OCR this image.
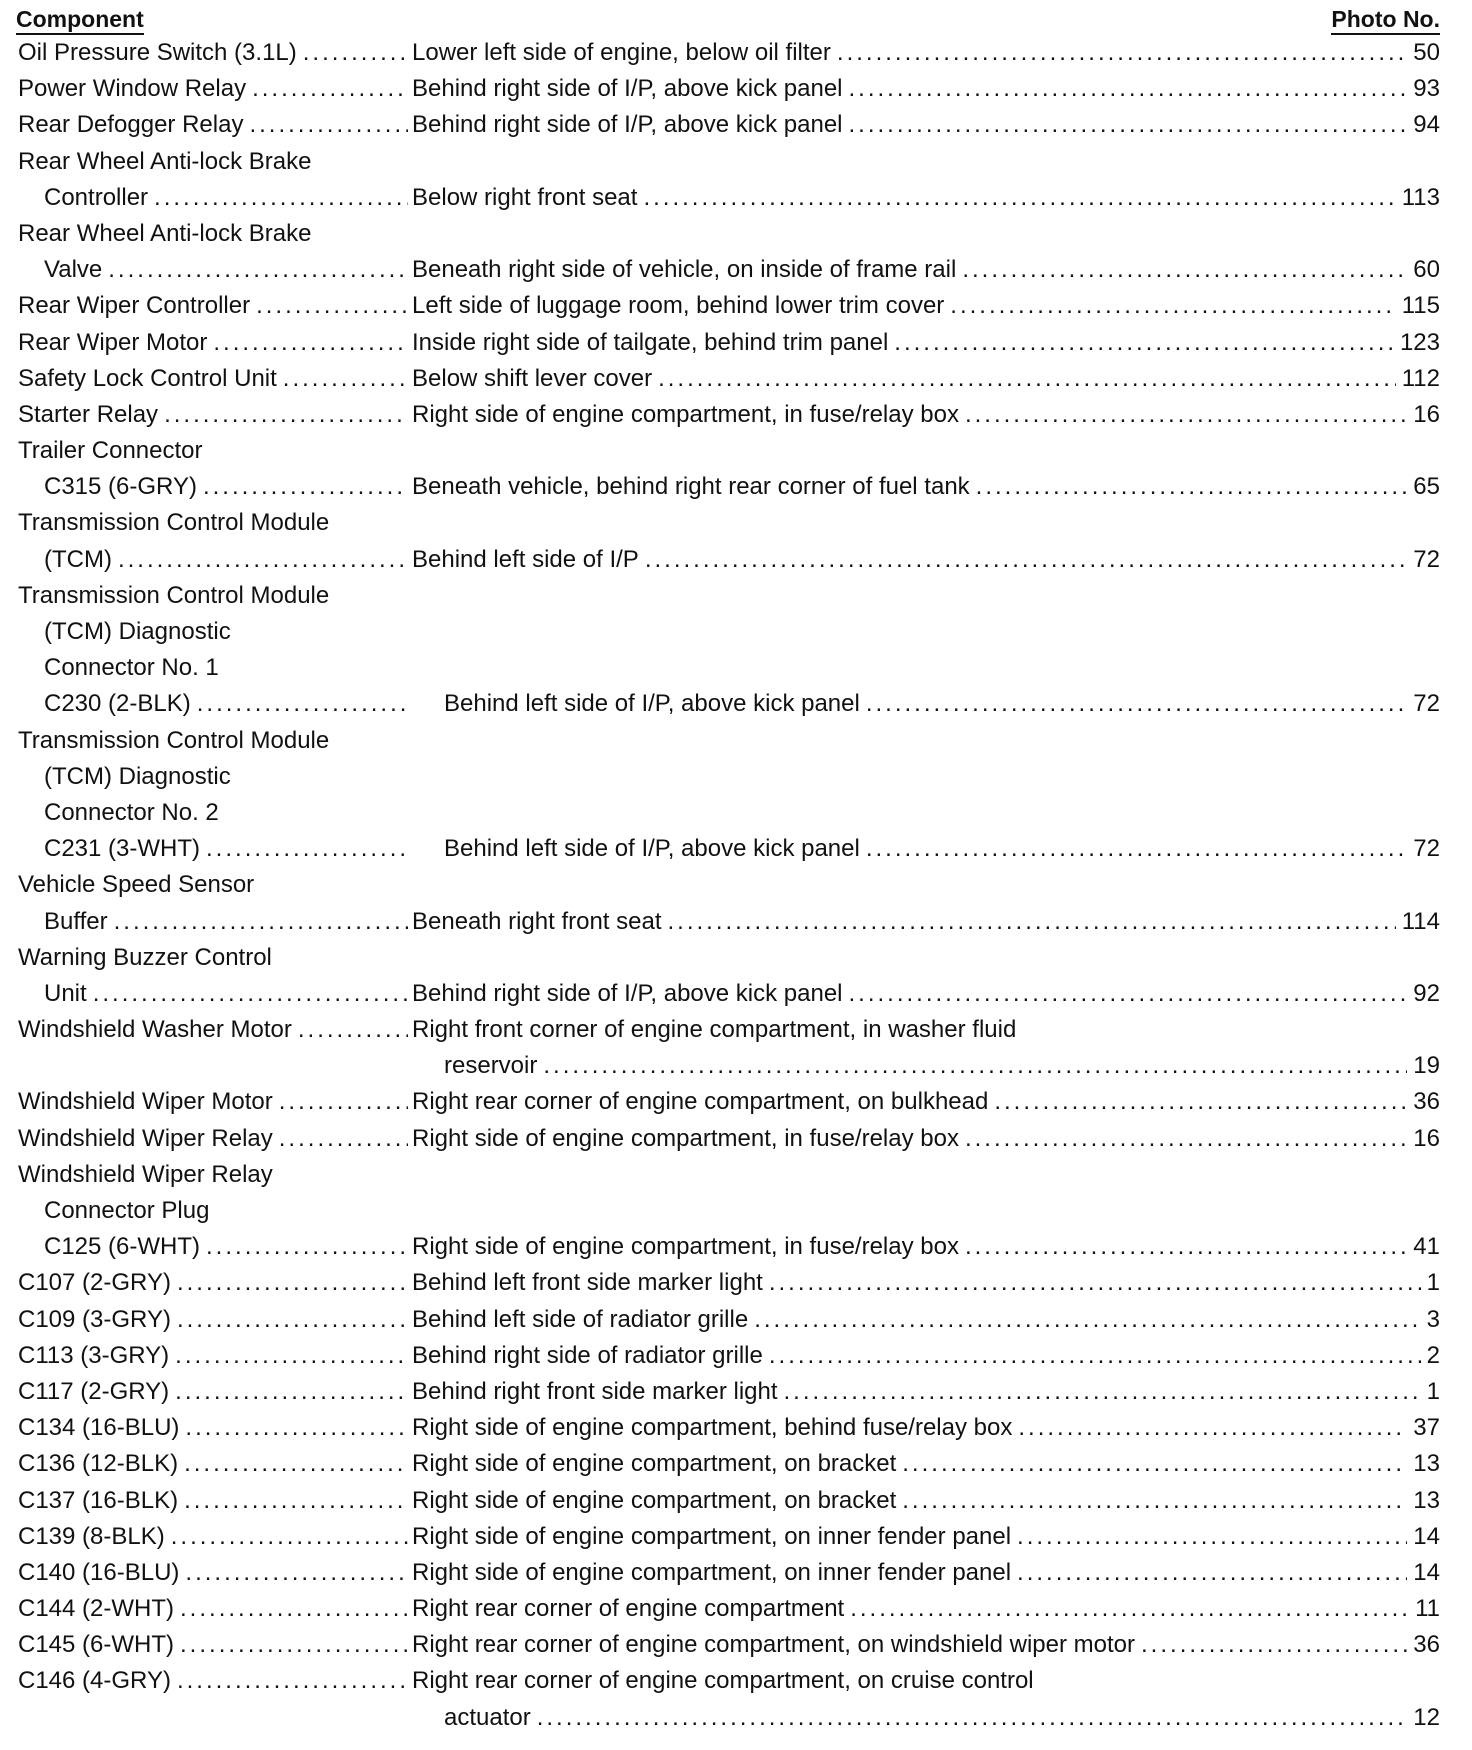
Component	Photo No.
Oil Pressure Switch (3.1L) .....	Lower left side of engine, below oil filter .....	50
Power Window Relay .....	Behind right side of I/P, above kick panel .....	93
Rear Defogger Relay .....	Behind right side of I/P, above kick panel .....	94
Rear Wheel Anti-lock Brake
Controller .....	Below right front seat .....	113
Rear Wheel Anti-lock Brake
Valve .....	Beneath right side of vehicle, on inside of frame rail .....	60
Rear Wiper Controller .....	Left side of luggage room, behind lower trim cover .....	115
Rear Wiper Motor .....	Inside right side of tailgate, behind trim panel .....	123
Safety Lock Control Unit .....	Below shift lever cover .....	112
Starter Relay .....	Right side of engine compartment, in fuse/relay box .....	16
Trailer Connector
C315 (6-GRY) .....	Beneath vehicle, behind right rear corner of fuel tank .....	65
Transmission Control Module
(TCM) .....	Behind left side of I/P .....	72
Transmission Control Module
(TCM) Diagnostic
Connector No. 1
C230 (2-BLK) .....	Behind left side of I/P, above kick panel .....	72
Transmission Control Module
(TCM) Diagnostic
Connector No. 2
C231 (3-WHT) .....	Behind left side of I/P, above kick panel .....	72
Vehicle Speed Sensor
Buffer .....	Beneath right front seat .....	114
Warning Buzzer Control
Unit .....	Behind right side of I/P, above kick panel .....	92
Windshield Washer Motor .....	Right front corner of engine compartment, in washer fluid
reservoir .....	19
Windshield Wiper Motor .....	Right rear corner of engine compartment, on bulkhead .....	36
Windshield Wiper Relay .....	Right side of engine compartment, in fuse/relay box .....	16
Windshield Wiper Relay
Connector Plug
C125 (6-WHT) .....	Right side of engine compartment, in fuse/relay box .....	41
C107 (2-GRY) .....	Behind left front side marker light .....	1
C109 (3-GRY) .....	Behind left side of radiator grille .....	3
C113 (3-GRY) .....	Behind right side of radiator grille .....	2
C117 (2-GRY) .....	Behind right front side marker light .....	1
C134 (16-BLU) .....	Right side of engine compartment, behind fuse/relay box .....	37
C136 (12-BLK) .....	Right side of engine compartment, on bracket .....	13
C137 (16-BLK) .....	Right side of engine compartment, on bracket .....	13
C139 (8-BLK) .....	Right side of engine compartment, on inner fender panel .....	14
C140 (16-BLU) .....	Right side of engine compartment, on inner fender panel .....	14
C144 (2-WHT) .....	Right rear corner of engine compartment .....	11
C145 (6-WHT) .....	Right rear corner of engine compartment, on windshield wiper motor .....	36
C146 (4-GRY) .....	Right rear corner of engine compartment, on cruise control
actuator .....	12
